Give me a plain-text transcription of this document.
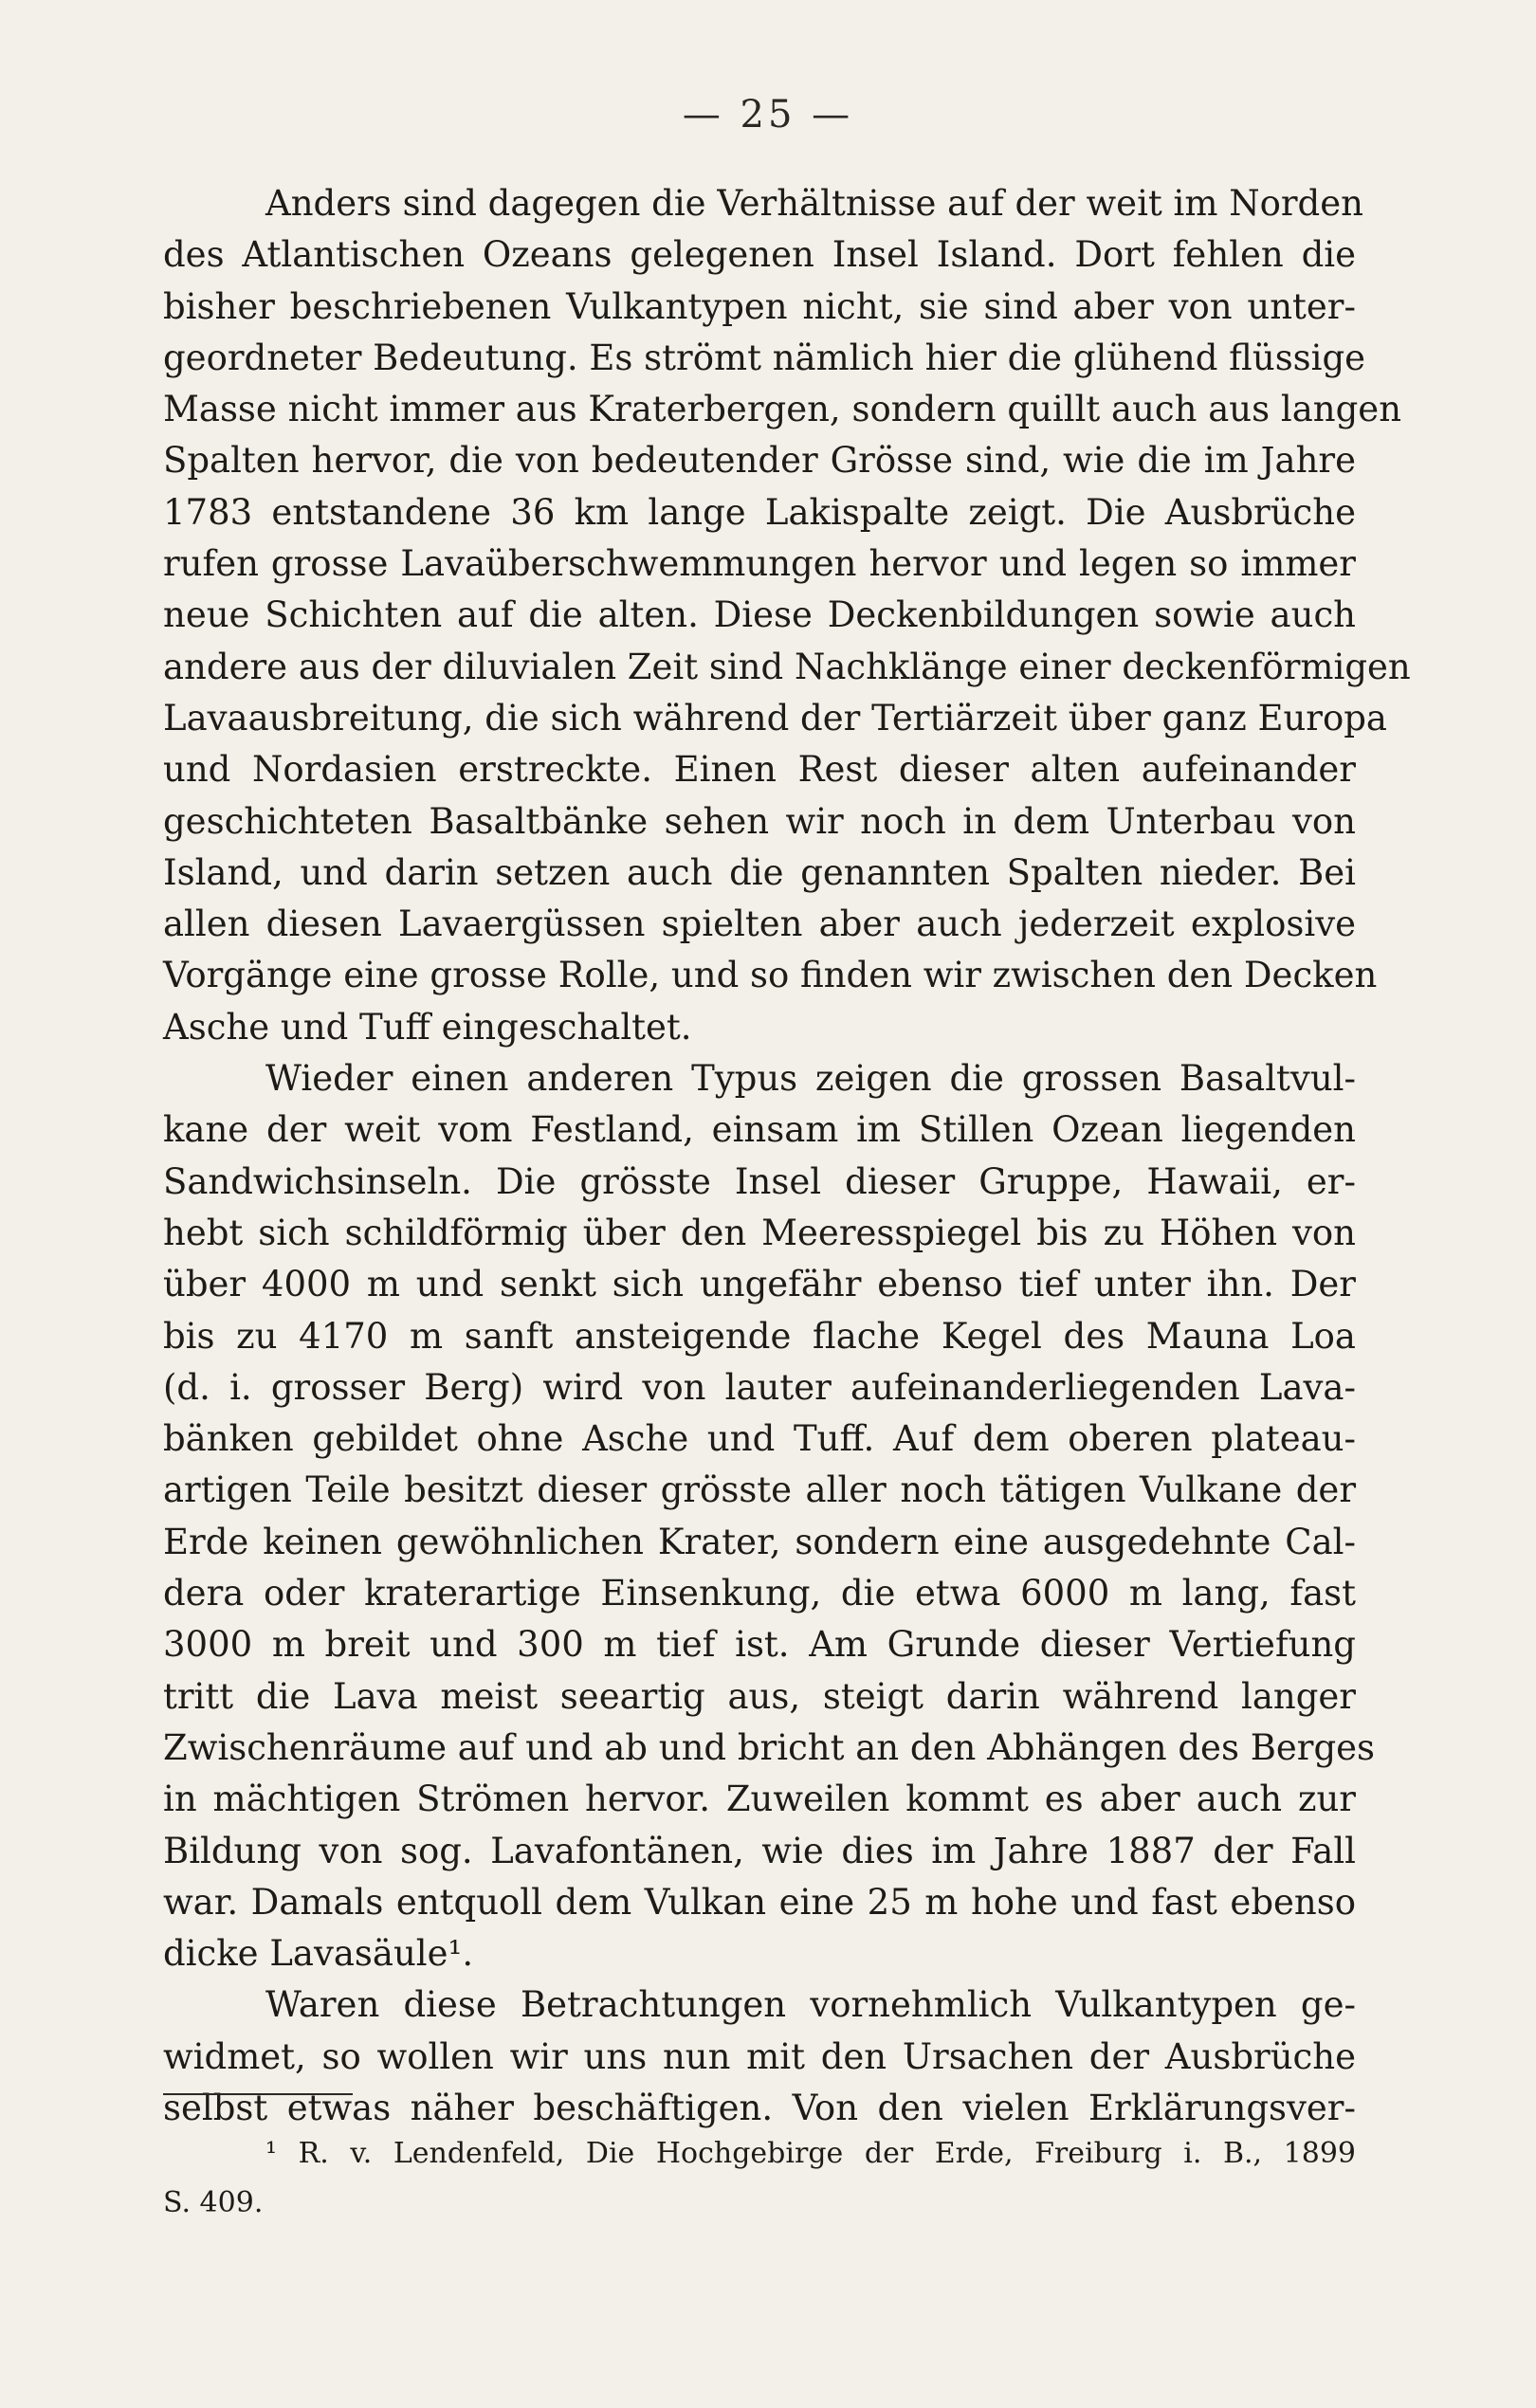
— 25 —
Anders sind dagegen die Verhältnisse auf der weit im Norden
des Atlantischen Ozeans gelegenen Insel Island. Dort fehlen die
bisher beschriebenen Vulkantypen nicht, sie sind aber von unter-
geordneter Bedeutung. Es strömt nämlich hier die glühend flüssige
Masse nicht immer aus Kraterbergen, sondern quillt auch aus langen
Spalten hervor, die von bedeutender Grösse sind, wie die im Jahre
1783 entstandene 36 km lange Lakispalte zeigt. Die Ausbrüche
rufen grosse Lavaüberschwemmungen hervor und legen so immer
neue Schichten auf die alten. Diese Deckenbildungen sowie auch
andere aus der diluvialen Zeit sind Nachklänge einer deckenförmigen
Lavaausbreitung, die sich während der Tertiärzeit über ganz Europa
und Nordasien erstreckte. Einen Rest dieser alten aufeinander
geschichteten Basaltbänke sehen wir noch in dem Unterbau von
Island, und darin setzen auch die genannten Spalten nieder. Bei
allen diesen Lavaergüssen spielten aber auch jederzeit explosive
Vorgänge eine grosse Rolle, und so finden wir zwischen den Decken
Asche und Tuff eingeschaltet.
Wieder einen anderen Typus zeigen die grossen Basaltvul-
kane der weit vom Festland, einsam im Stillen Ozean liegenden
Sandwichsinseln. Die grösste Insel dieser Gruppe, Hawaii, er-
hebt sich schildförmig über den Meeresspiegel bis zu Höhen von
über 4000 m und senkt sich ungefähr ebenso tief unter ihn. Der
bis zu 4170 m sanft ansteigende flache Kegel des Mauna Loa
(d. i. grosser Berg) wird von lauter aufeinanderliegenden Lava-
bänken gebildet ohne Asche und Tuff. Auf dem oberen plateau-
artigen Teile besitzt dieser grösste aller noch tätigen Vulkane der
Erde keinen gewöhnlichen Krater, sondern eine ausgedehnte Cal-
dera oder kraterartige Einsenkung, die etwa 6000 m lang, fast
3000 m breit und 300 m tief ist. Am Grunde dieser Vertiefung
tritt die Lava meist seeartig aus, steigt darin während langer
Zwischenräume auf und ab und bricht an den Abhängen des Berges
in mächtigen Strömen hervor. Zuweilen kommt es aber auch zur
Bildung von sog. Lavafontänen, wie dies im Jahre 1887 der Fall
war. Damals entquoll dem Vulkan eine 25 m hohe und fast ebenso
dicke Lavasäule¹.
Waren diese Betrachtungen vornehmlich Vulkantypen ge-
widmet, so wollen wir uns nun mit den Ursachen der Ausbrüche
selbst etwas näher beschäftigen. Von den vielen Erklärungsver-
¹ R. v. Lendenfeld, Die Hochgebirge der Erde, Freiburg i. B., 1899
S. 409.
